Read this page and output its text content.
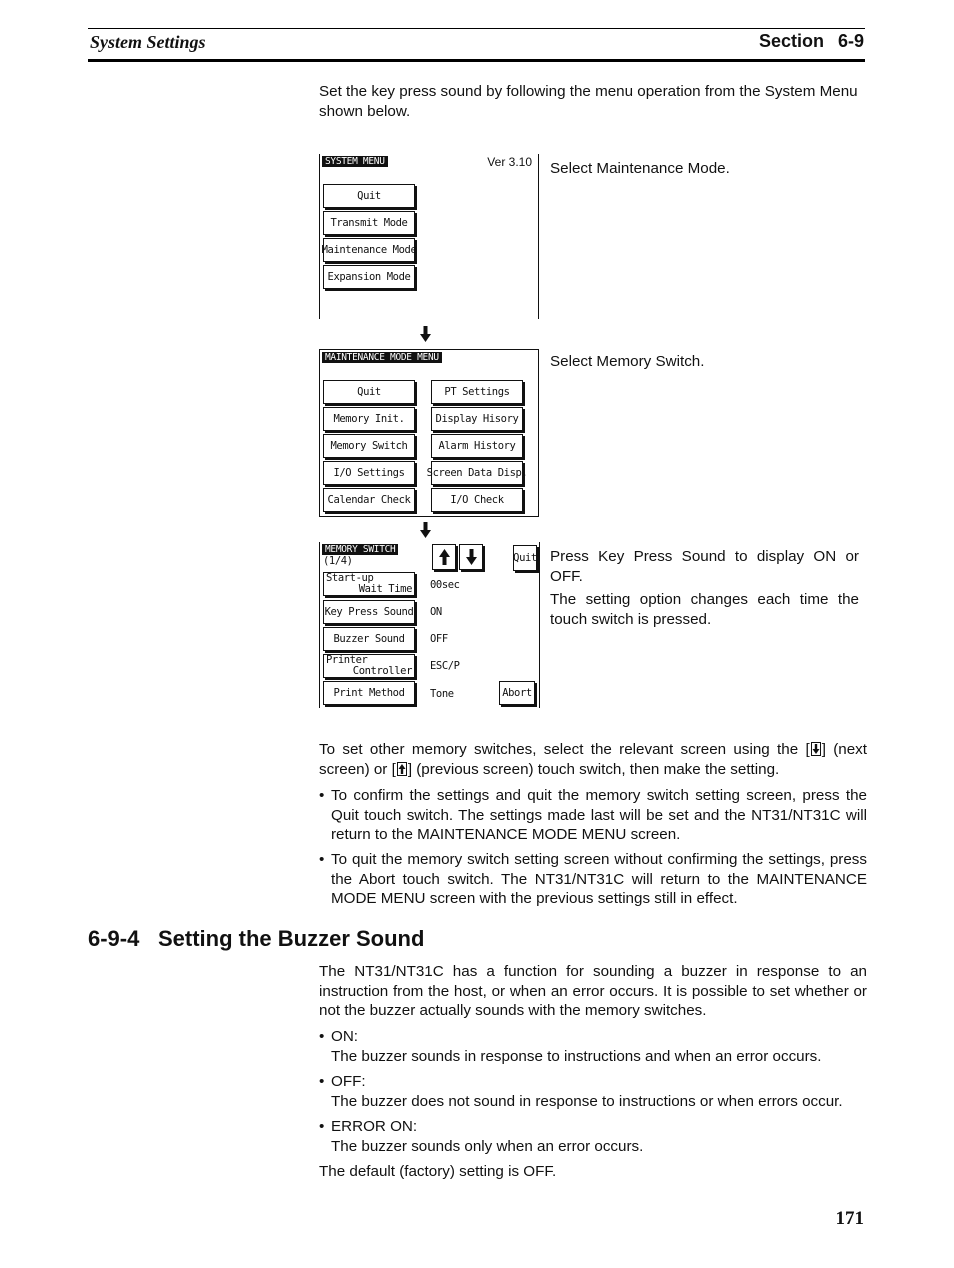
System Settings	Section 6-9
Set the key press sound by following the menu operation from the System Menu shown below.
SYSTEM MENU	Ver 3.10
Quit
Transmit Mode
Maintenance Mode
Expansion Mode
Select Maintenance Mode.
MAINTENANCE MODE MENU
Quit
Memory Init.
Memory Switch
I/O Settings
Calendar Check
PT Settings
Display Hisory
Alarm History
Screen Data Disp.
I/O Check
Select Memory Switch.
MEMORY SWITCH
(1/4)	Quit
Start-up
Wait Time 00sec
Key Press Sound ON
Buzzer Sound	OFF
Printer
Controller ESC/P
Print Method	Tone	Abort
Press Key Press Sound to display ON or OFF.
The setting option changes each time the touch switch is pressed.
To set other memory switches, select the relevant screen using the [ ] (next screen) or [ ] (previous screen) touch switch, then make the setting.
• To confirm the settings and quit the memory switch setting screen, press the Quit touch switch. The settings made last will be set and the NT31/NT31C will return to the MAINTENANCE MODE MENU screen.
• To quit the memory switch setting screen without confirming the settings, press the Abort touch switch. The NT31/NT31C will return to the MAINTENANCE MODE MENU screen with the previous settings still in effect.
6-9-4 Setting the Buzzer Sound
The NT31/NT31C has a function for sounding a buzzer in response to an instruction from the host, or when an error occurs. It is possible to set whether or not the buzzer actually sounds with the memory switches.
• ON:
The buzzer sounds in response to instructions and when an error occurs.
• OFF:
The buzzer does not sound in response to instructions or when errors occur.
• ERROR ON:
The buzzer sounds only when an error occurs.
The default (factory) setting is OFF.
171
